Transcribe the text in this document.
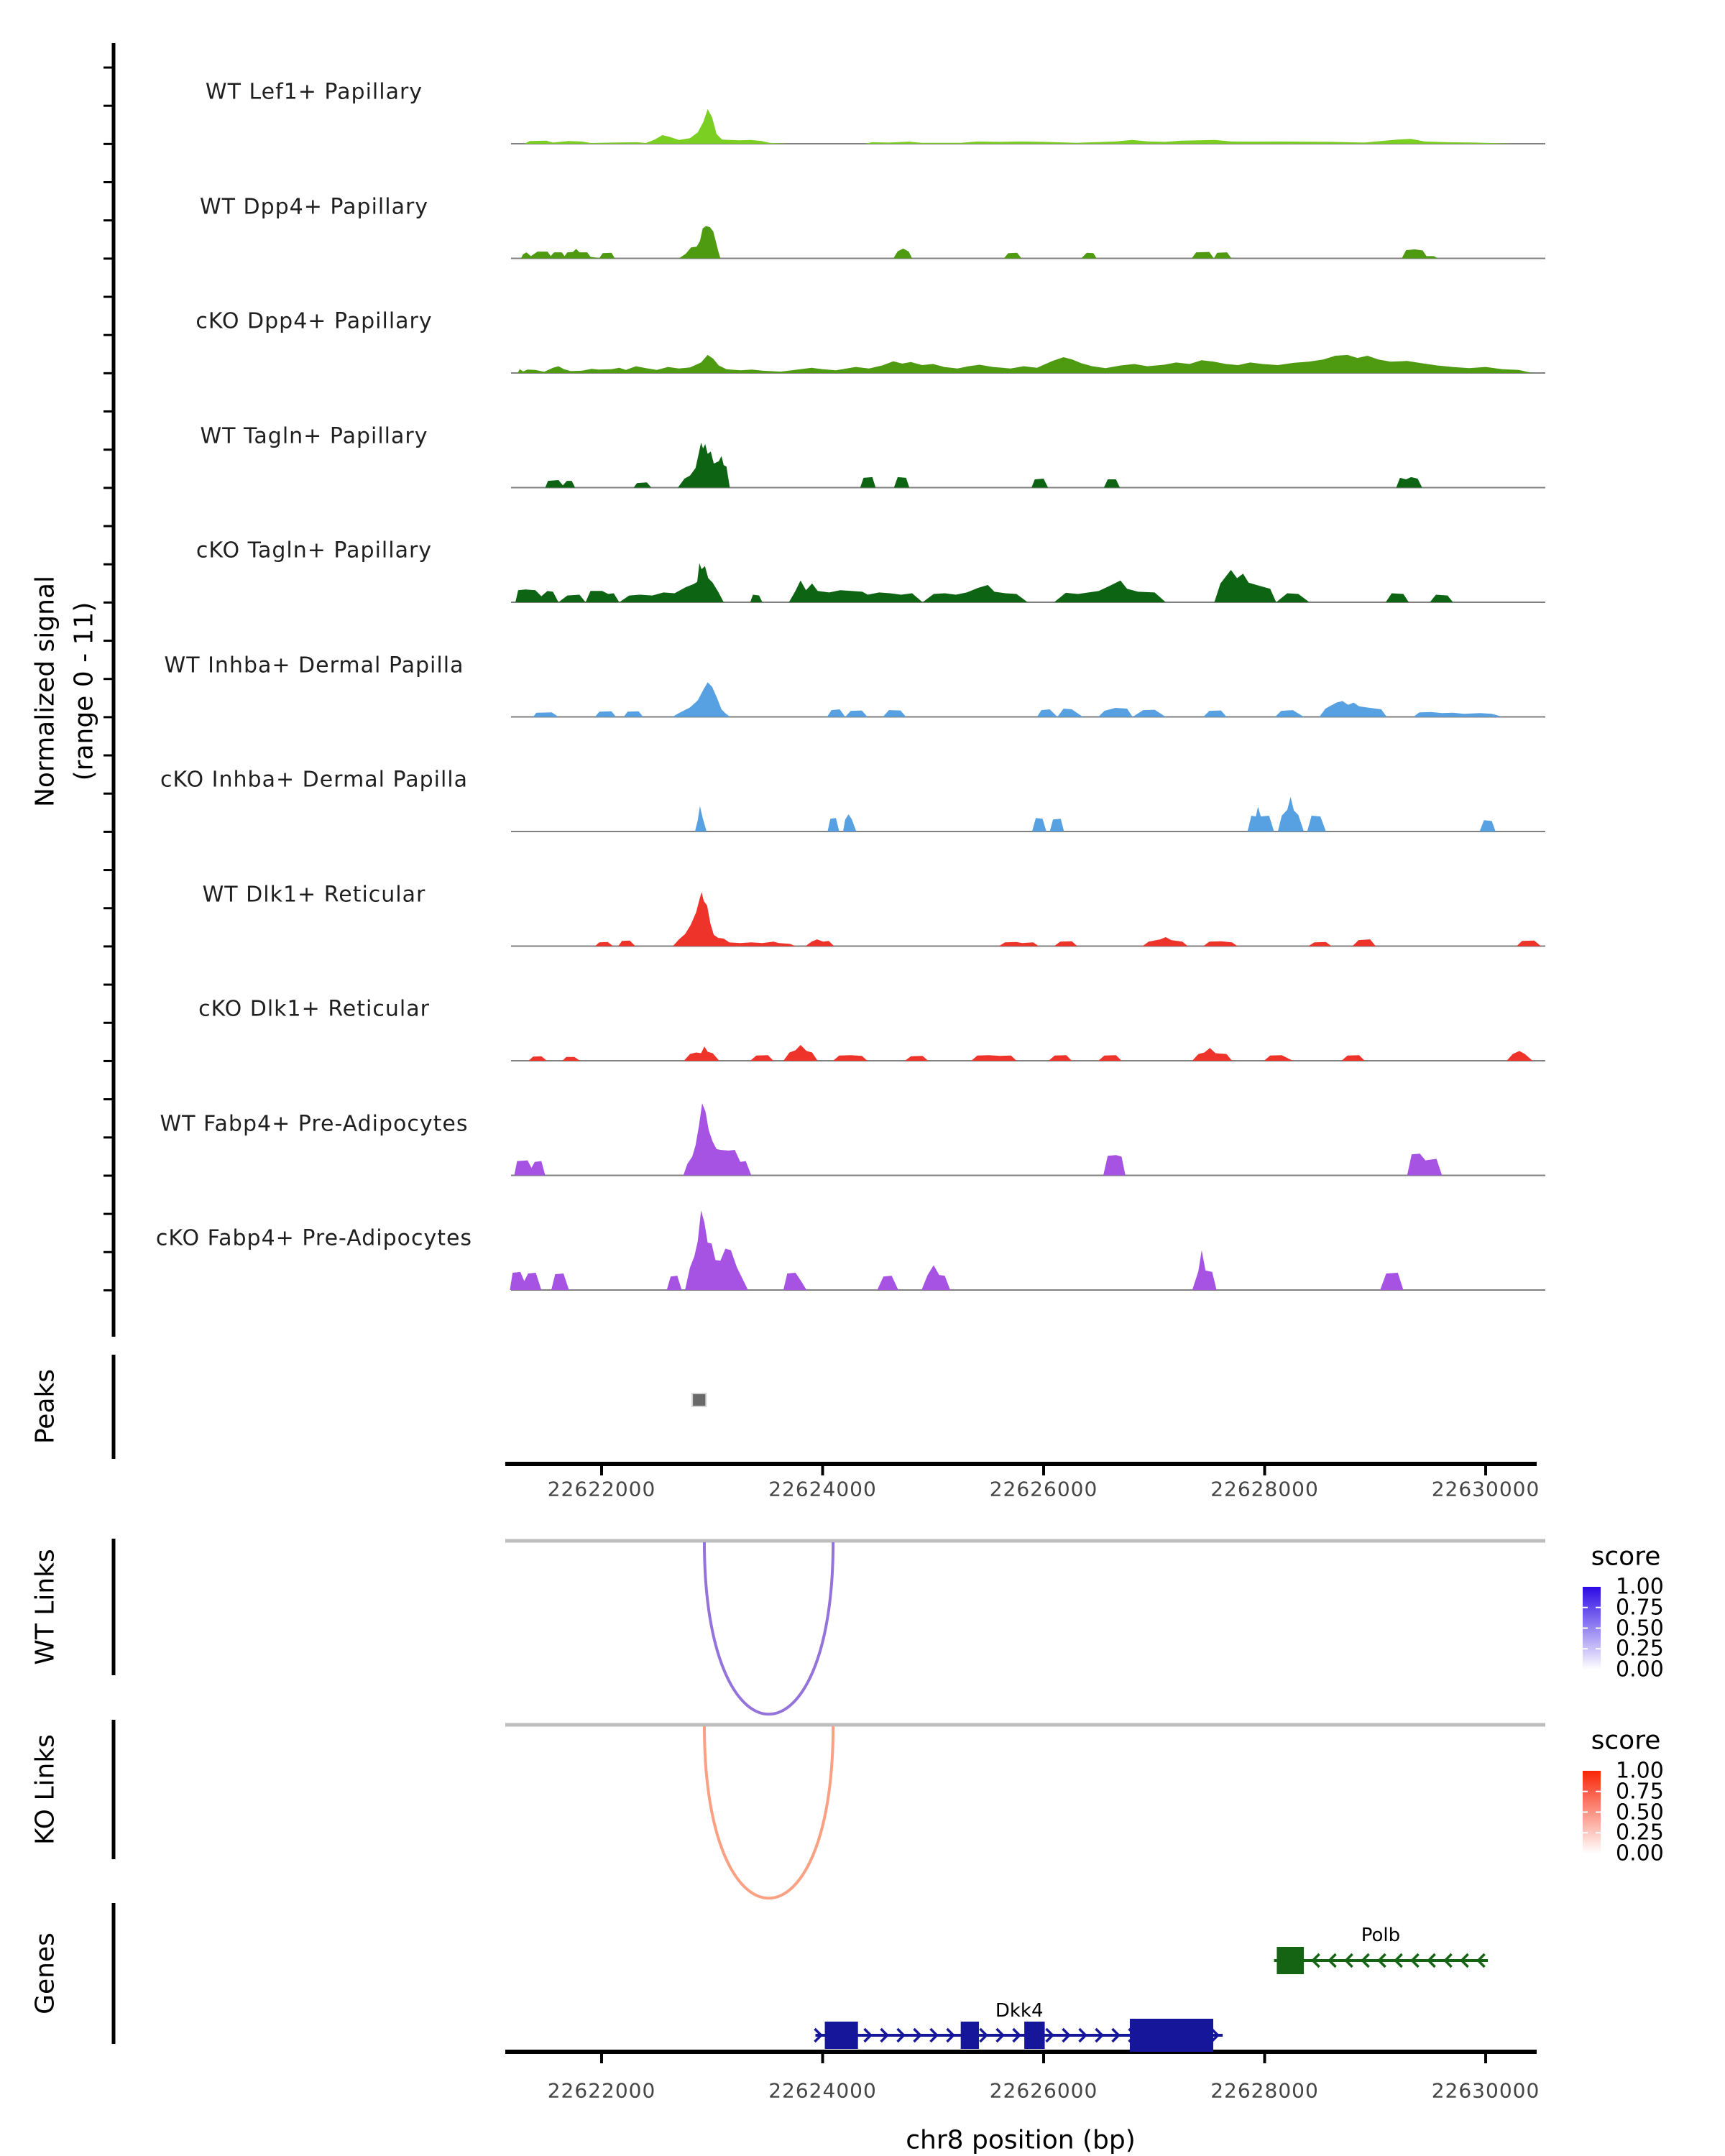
Normalized signal (range 0 - 11)
Peaks
WT Links
KO Links
Genes
score
score
chr8 position (bp)
WT Lef1+ Papillary
WT Dpp4+ Papillary
cKO Dpp4+ Papillary
WT Tagln+ Papillary
cKO Tagln+ Papillary
WT Inhba+ Dermal Papilla
cKO Inhba+ Dermal Papilla
WT Dlk1+ Reticular
cKO Dlk1+ Reticular
WT Fabp4+ Pre-Adipocytes
cKO Fabp4+ Pre-Adipocytes
22622000	22624000	22626000	22628000	22630000
22622000	22624000	22626000	22628000	22630000
1.00
0.75
0.50
0.25
0.00
1.00
0.75
0.50
0.25
0.00
Polb
Dkk4
